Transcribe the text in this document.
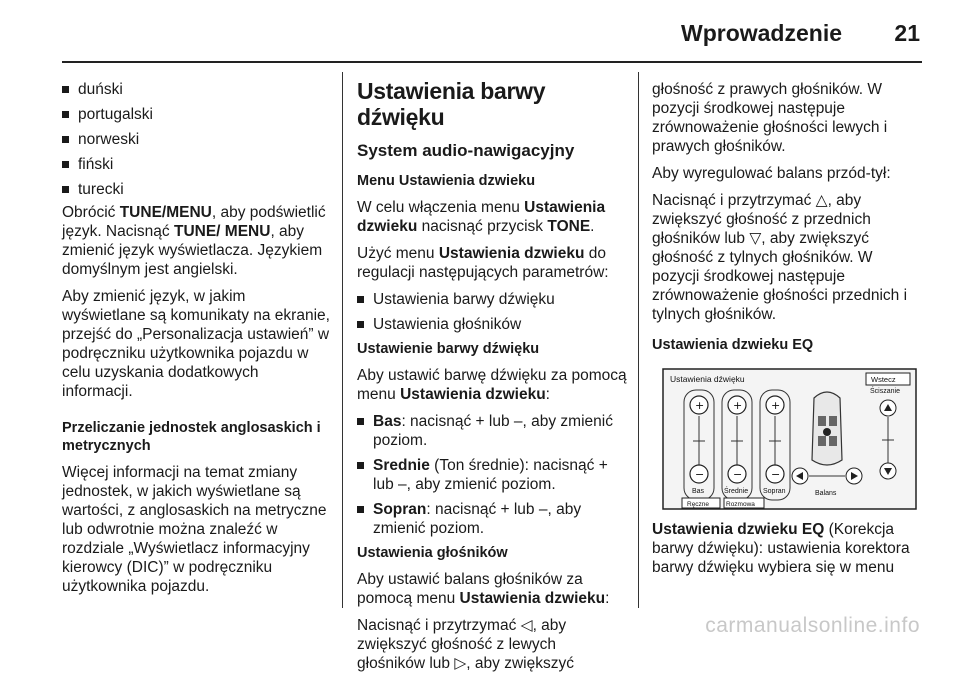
Wprowadzenie 21
duński
portugalski
norweski
fiński
turecki

Obrócić TUNE/MENU, aby podświetlić język. Nacisnąć TUNE/ MENU, aby zmienić język wyświetlacza. Językiem domyślnym jest angielski.

Aby zmienić język, w jakim wyświetlane są komunikaty na ekranie, przejść do „Personalizacja ustawień” w podręczniku użytkownika pojazdu w celu uzyskania dodatkowych informacji.

Przeliczanie jednostek anglosaskich i metrycznych

Więcej informacji na temat zmiany jednostek, w jakich wyświetlane są wartości, z anglosaskich na metryczne lub odwrotnie można znaleźć w rozdziale „Wyświetlacz informacyjny kierowcy (DIC)” w podręczniku użytkownika pojazdu.

Ustawienia barwy dźwięku
System audio-nawigacyjny

Menu Ustawienia dzwieku

W celu włączenia menu Ustawienia dzwieku nacisnąć przycisk TONE.

Użyć menu Ustawienia dzwieku do regulacji następujących parametrów:

Ustawienia barwy dźwięku
Ustawienia głośników

Ustawienie barwy dźwięku

Aby ustawić barwę dźwięku za pomocą menu Ustawienia dzwieku:

Bas: nacisnąć + lub –, aby zmienić poziom.
Srednie (Ton średnie): nacisnąć + lub –, aby zmienić poziom.
Sopran: nacisnąć + lub –, aby zmienić poziom.

Ustawienia głośników

Aby ustawić balans głośników za pomocą menu Ustawienia dzwieku:

Nacisnąć i przytrzymać ◁, aby zwiększyć głośność z lewych głośników lub ▷, aby zwiększyć

głośność z prawych głośników. W pozycji środkowej następuje zrównoważenie głośności lewych i prawych głośników.

Aby wyregulować balans przód-tył:

Nacisnąć i przytrzymać △, aby zwiększyć głośność z przednich głośników lub ▽, aby zwiększyć głośność z tylnych głośników. W pozycji środkowej następuje zrównoważenie głośności przednich i tylnych głośników.

Ustawienia dzwieku EQ

Ustawienia dźwięku	Wstecz
Ściszanie
+
−
+
−
+
−
Bas	Średnie Sopran	Balans
Ręczne	Rozmowa

Ustawienia dzwieku EQ (Korekcja barwy dźwięku): ustawienia korektora barwy dźwięku wybiera się w menu

carmanualsonline.info
